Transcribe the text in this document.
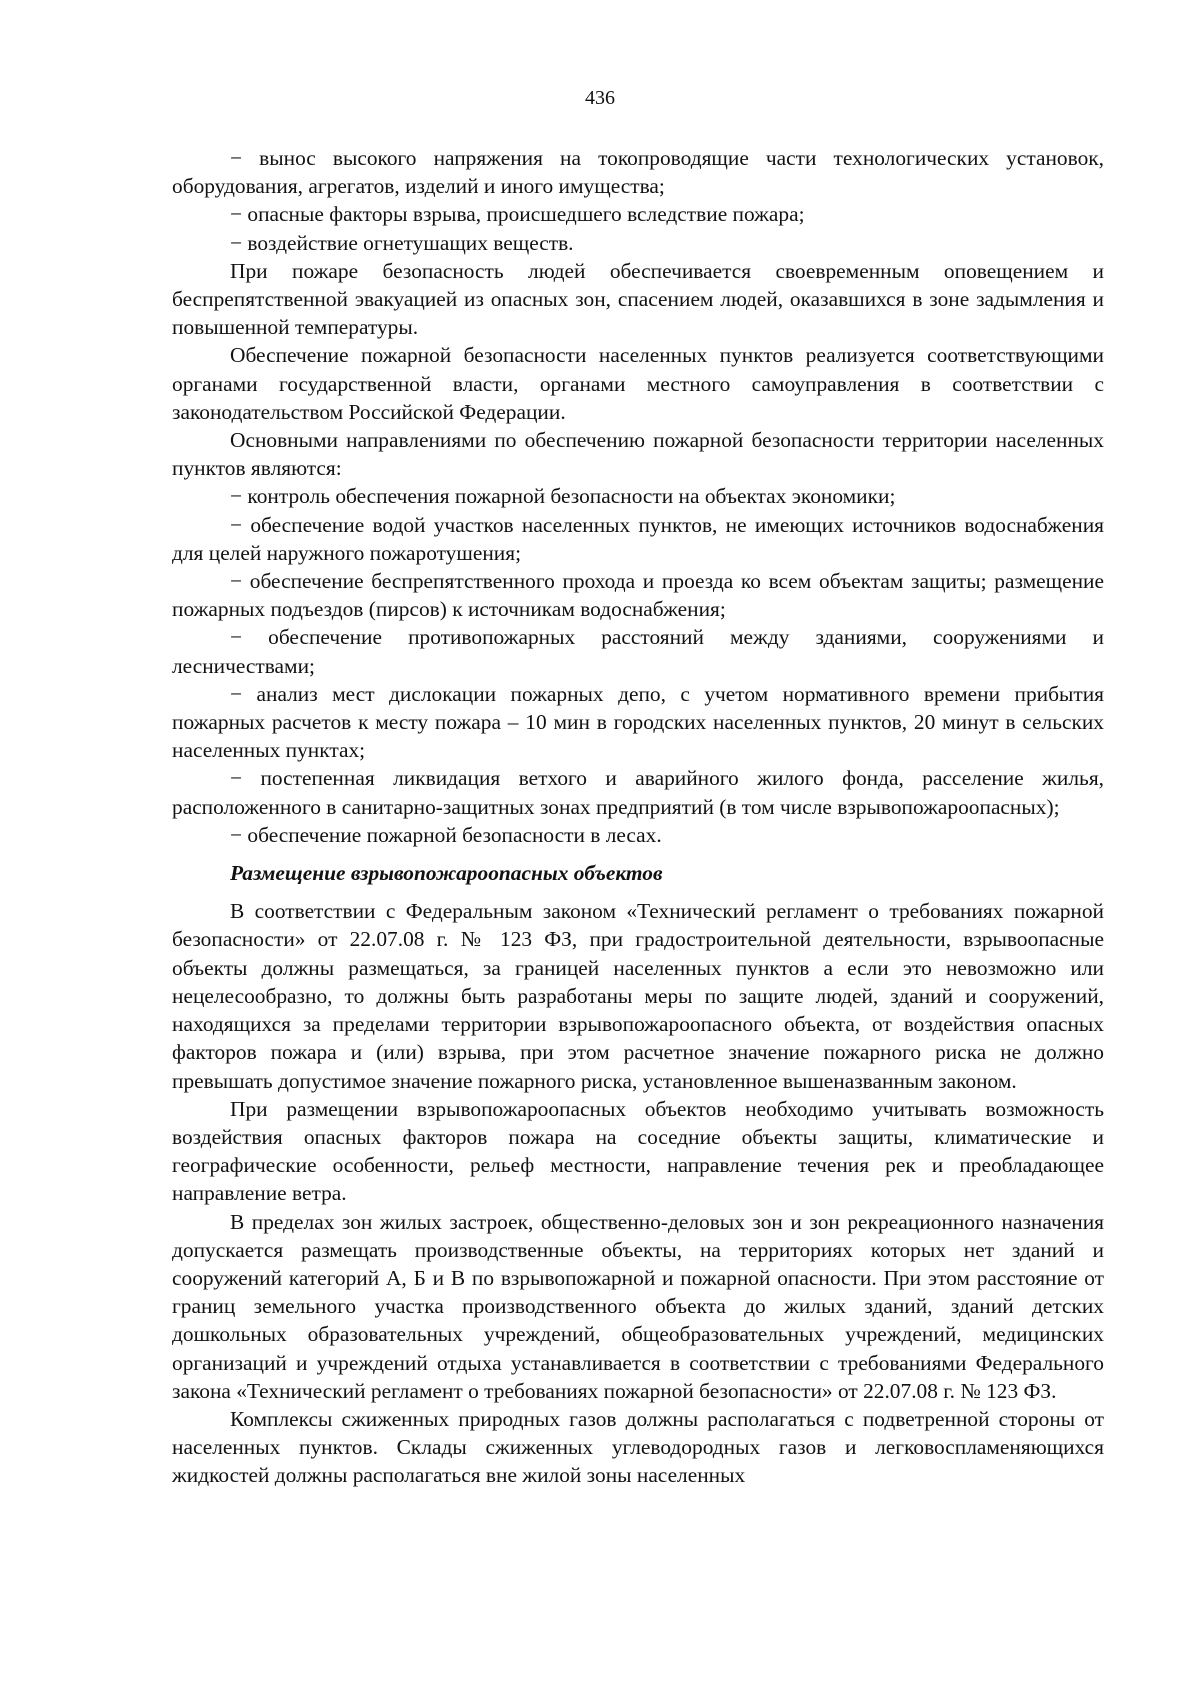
436

− вынос высокого напряжения на токопроводящие части технологических установок, оборудования, агрегатов, изделий и иного имущества;

− опасные факторы взрыва, происшедшего вследствие пожара;

− воздействие огнетушащих веществ.

При пожаре безопасность людей обеспечивается своевременным оповещением и беспрепятственной эвакуацией из опасных зон, спасением людей, оказавшихся в зоне задымления и повышенной температуры.

Обеспечение пожарной безопасности населенных пунктов реализуется соответствующими органами государственной власти, органами местного самоуправления в соответствии с законодательством Российской Федерации.

Основными направлениями по обеспечению пожарной безопасности территории населенных пунктов являются:

− контроль обеспечения пожарной безопасности на объектах экономики;

− обеспечение водой участков населенных пунктов, не имеющих источников водоснабжения для целей наружного пожаротушения;

− обеспечение беспрепятственного прохода и проезда ко всем объектам защиты; размещение пожарных подъездов (пирсов) к источникам водоснабжения;

− обеспечение противопожарных расстояний между зданиями, сооружениями и лесничествами;

− анализ мест дислокации пожарных депо, с учетом нормативного времени прибытия пожарных расчетов к месту пожара – 10 мин в городских населенных пунктов, 20 минут в сельских населенных пунктах;

− постепенная ликвидация ветхого и аварийного жилого фонда, расселение жилья, расположенного в санитарно-защитных зонах предприятий (в том числе взрывопожароопасных);

− обеспечение пожарной безопасности в лесах.

Размещение взрывопожароопасных объектов

В соответствии с Федеральным законом «Технический регламент о требованиях пожарной безопасности» от 22.07.08 г. № 123 ФЗ, при градостроительной деятельности, взрывоопасные объекты должны размещаться, за границей населенных пунктов а если это невозможно или нецелесообразно, то должны быть разработаны меры по защите людей, зданий и сооружений, находящихся за пределами территории взрывопожароопасного объекта, от воздействия опасных факторов пожара и (или) взрыва, при этом расчетное значение пожарного риска не должно превышать допустимое значение пожарного риска, установленное вышеназванным законом.

При размещении взрывопожароопасных объектов необходимо учитывать возможность воздействия опасных факторов пожара на соседние объекты защиты, климатические и географические особенности, рельеф местности, направление течения рек и преобладающее направление ветра.

В пределах зон жилых застроек, общественно-деловых зон и зон рекреационного назначения допускается размещать производственные объекты, на территориях которых нет зданий и сооружений категорий А, Б и В по взрывопожарной и пожарной опасности. При этом расстояние от границ земельного участка производственного объекта до жилых зданий, зданий детских дошкольных образовательных учреждений, общеобразовательных учреждений, медицинских организаций и учреждений отдыха устанавливается в соответствии с требованиями Федерального закона «Технический регламент о требованиях пожарной безопасности» от 22.07.08 г. № 123 ФЗ.

Комплексы сжиженных природных газов должны располагаться с подветренной стороны от населенных пунктов. Склады сжиженных углеводородных газов и легковоспламеняющихся жидкостей должны располагаться вне жилой зоны населенных
